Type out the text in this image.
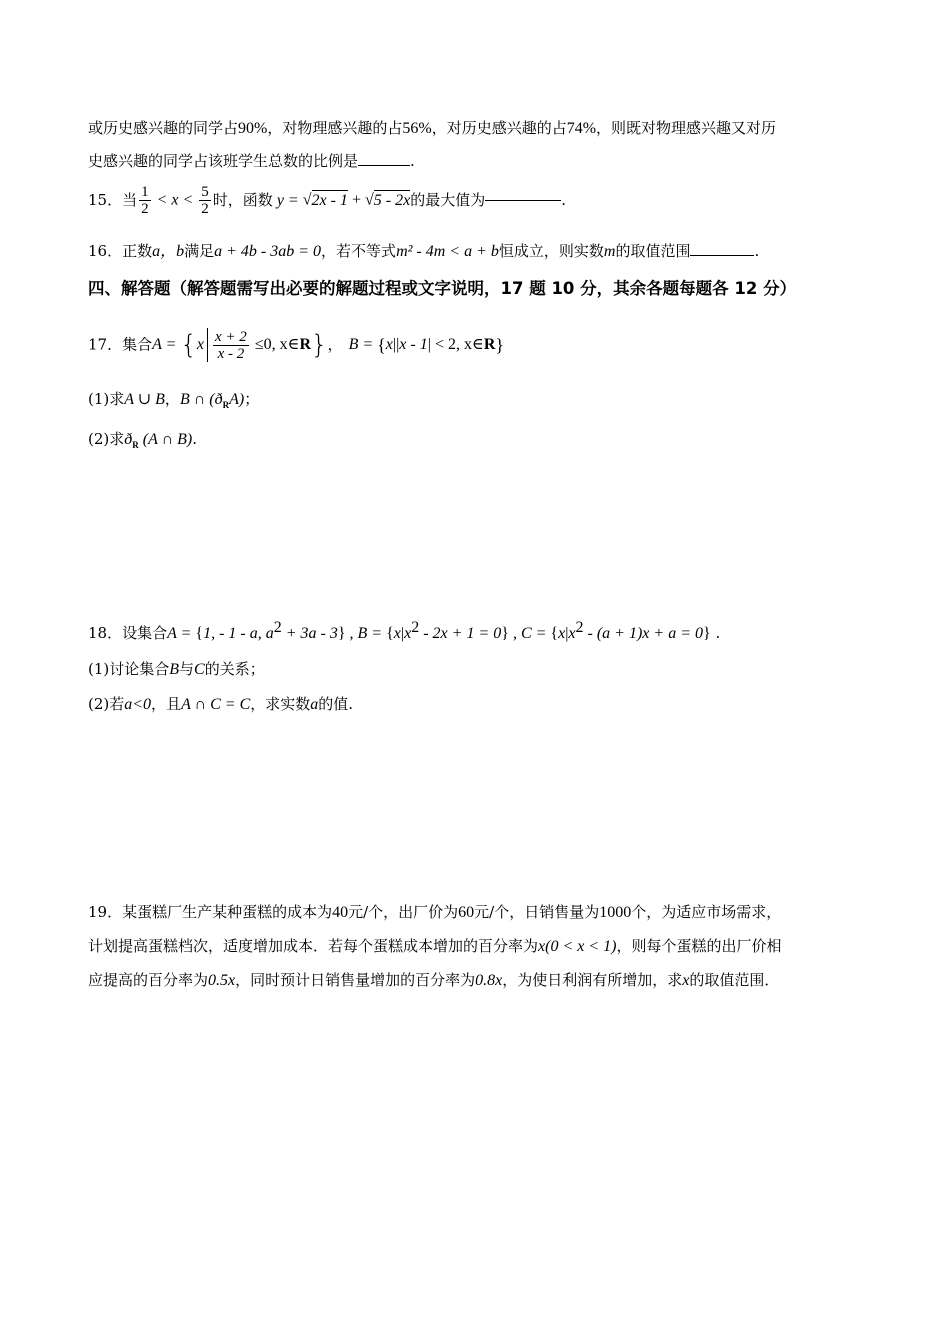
或历史感兴趣的同学占90%，对物理感兴趣的占56%，对历史感兴趣的占74%，则既对物理感兴趣又对历
史感兴趣的同学占该班学生总数的比例是	.
15．当 $\frac{1}{2} < x < \frac{5}{2}$ 时，函数 y = √2x - 1 + √5 - 2x的最大值为	.
16．正数a，b满足a + 4b - 3ab = 0，若不等式m² - 4m < a + b恒成立，则实数m的取值范围	.
四、解答题（解答题需写出必要的解题过程或文字说明，17 题 10 分，其余各题每题各 12 分）
17．集合$A = \{x \frac{x + 2}{x - 2} \le 0$, x∈R}， B = {x||x - 1| < 2, x∈R}
(1)求A ∪ B，B ∩ $(ð_RA)$；
(2)求$ð_R$ (A ∩ B).
18．设集合A = {1, - 1 - a, $a^2 + 3a - 3$} , $B = \{x|x^2 - 2x + 1 = 0\}$ , $C = \{x|x^2 - (a + 1)x + a = 0\}$ .
(1)讨论集合B与C的关系；
(2)若a<0，且A ∩ C = C，求实数a的值.
19．某蛋糕厂生产某种蛋糕的成本为40元/个，出厂价为60元/个，日销售量为1000个，为适应市场需求，
计划提高蛋糕档次，适度增加成本．若每个蛋糕成本增加的百分率为x(0 < x < 1)，则每个蛋糕的出厂价相
应提高的百分率为0.5x，同时预计日销售量增加的百分率为0.8x，为使日利润有所增加，求x的取值范围．
